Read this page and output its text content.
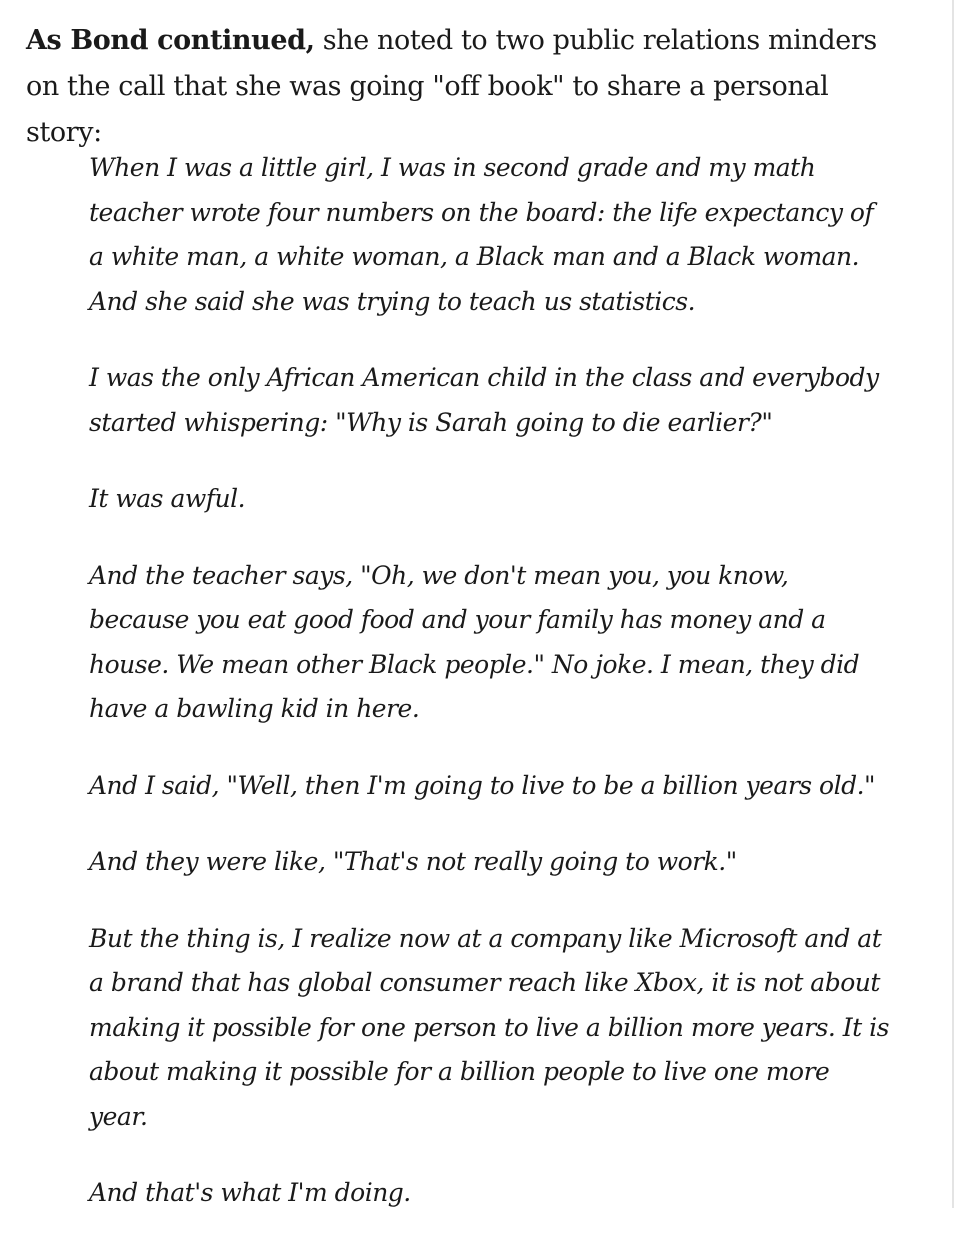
As Bond continued, she noted to two public relations minders on the call that she was going "off book" to share a personal story:

When I was a little girl, I was in second grade and my math teacher wrote four numbers on the board: the life expectancy of a white man, a white woman, a Black man and a Black woman. And she said she was trying to teach us statistics.

I was the only African American child in the class and everybody started whispering: "Why is Sarah going to die earlier?"

It was awful.

And the teacher says, "Oh, we don't mean you, you know, because you eat good food and your family has money and a house. We mean other Black people." No joke. I mean, they did have a bawling kid in here.

And I said, "Well, then I'm going to live to be a billion years old."

And they were like, "That's not really going to work."

But the thing is, I realize now at a company like Microsoft and at a brand that has global consumer reach like Xbox, it is not about making it possible for one person to live a billion more years. It is about making it possible for a billion people to live one more year.

And that's what I'm doing.
